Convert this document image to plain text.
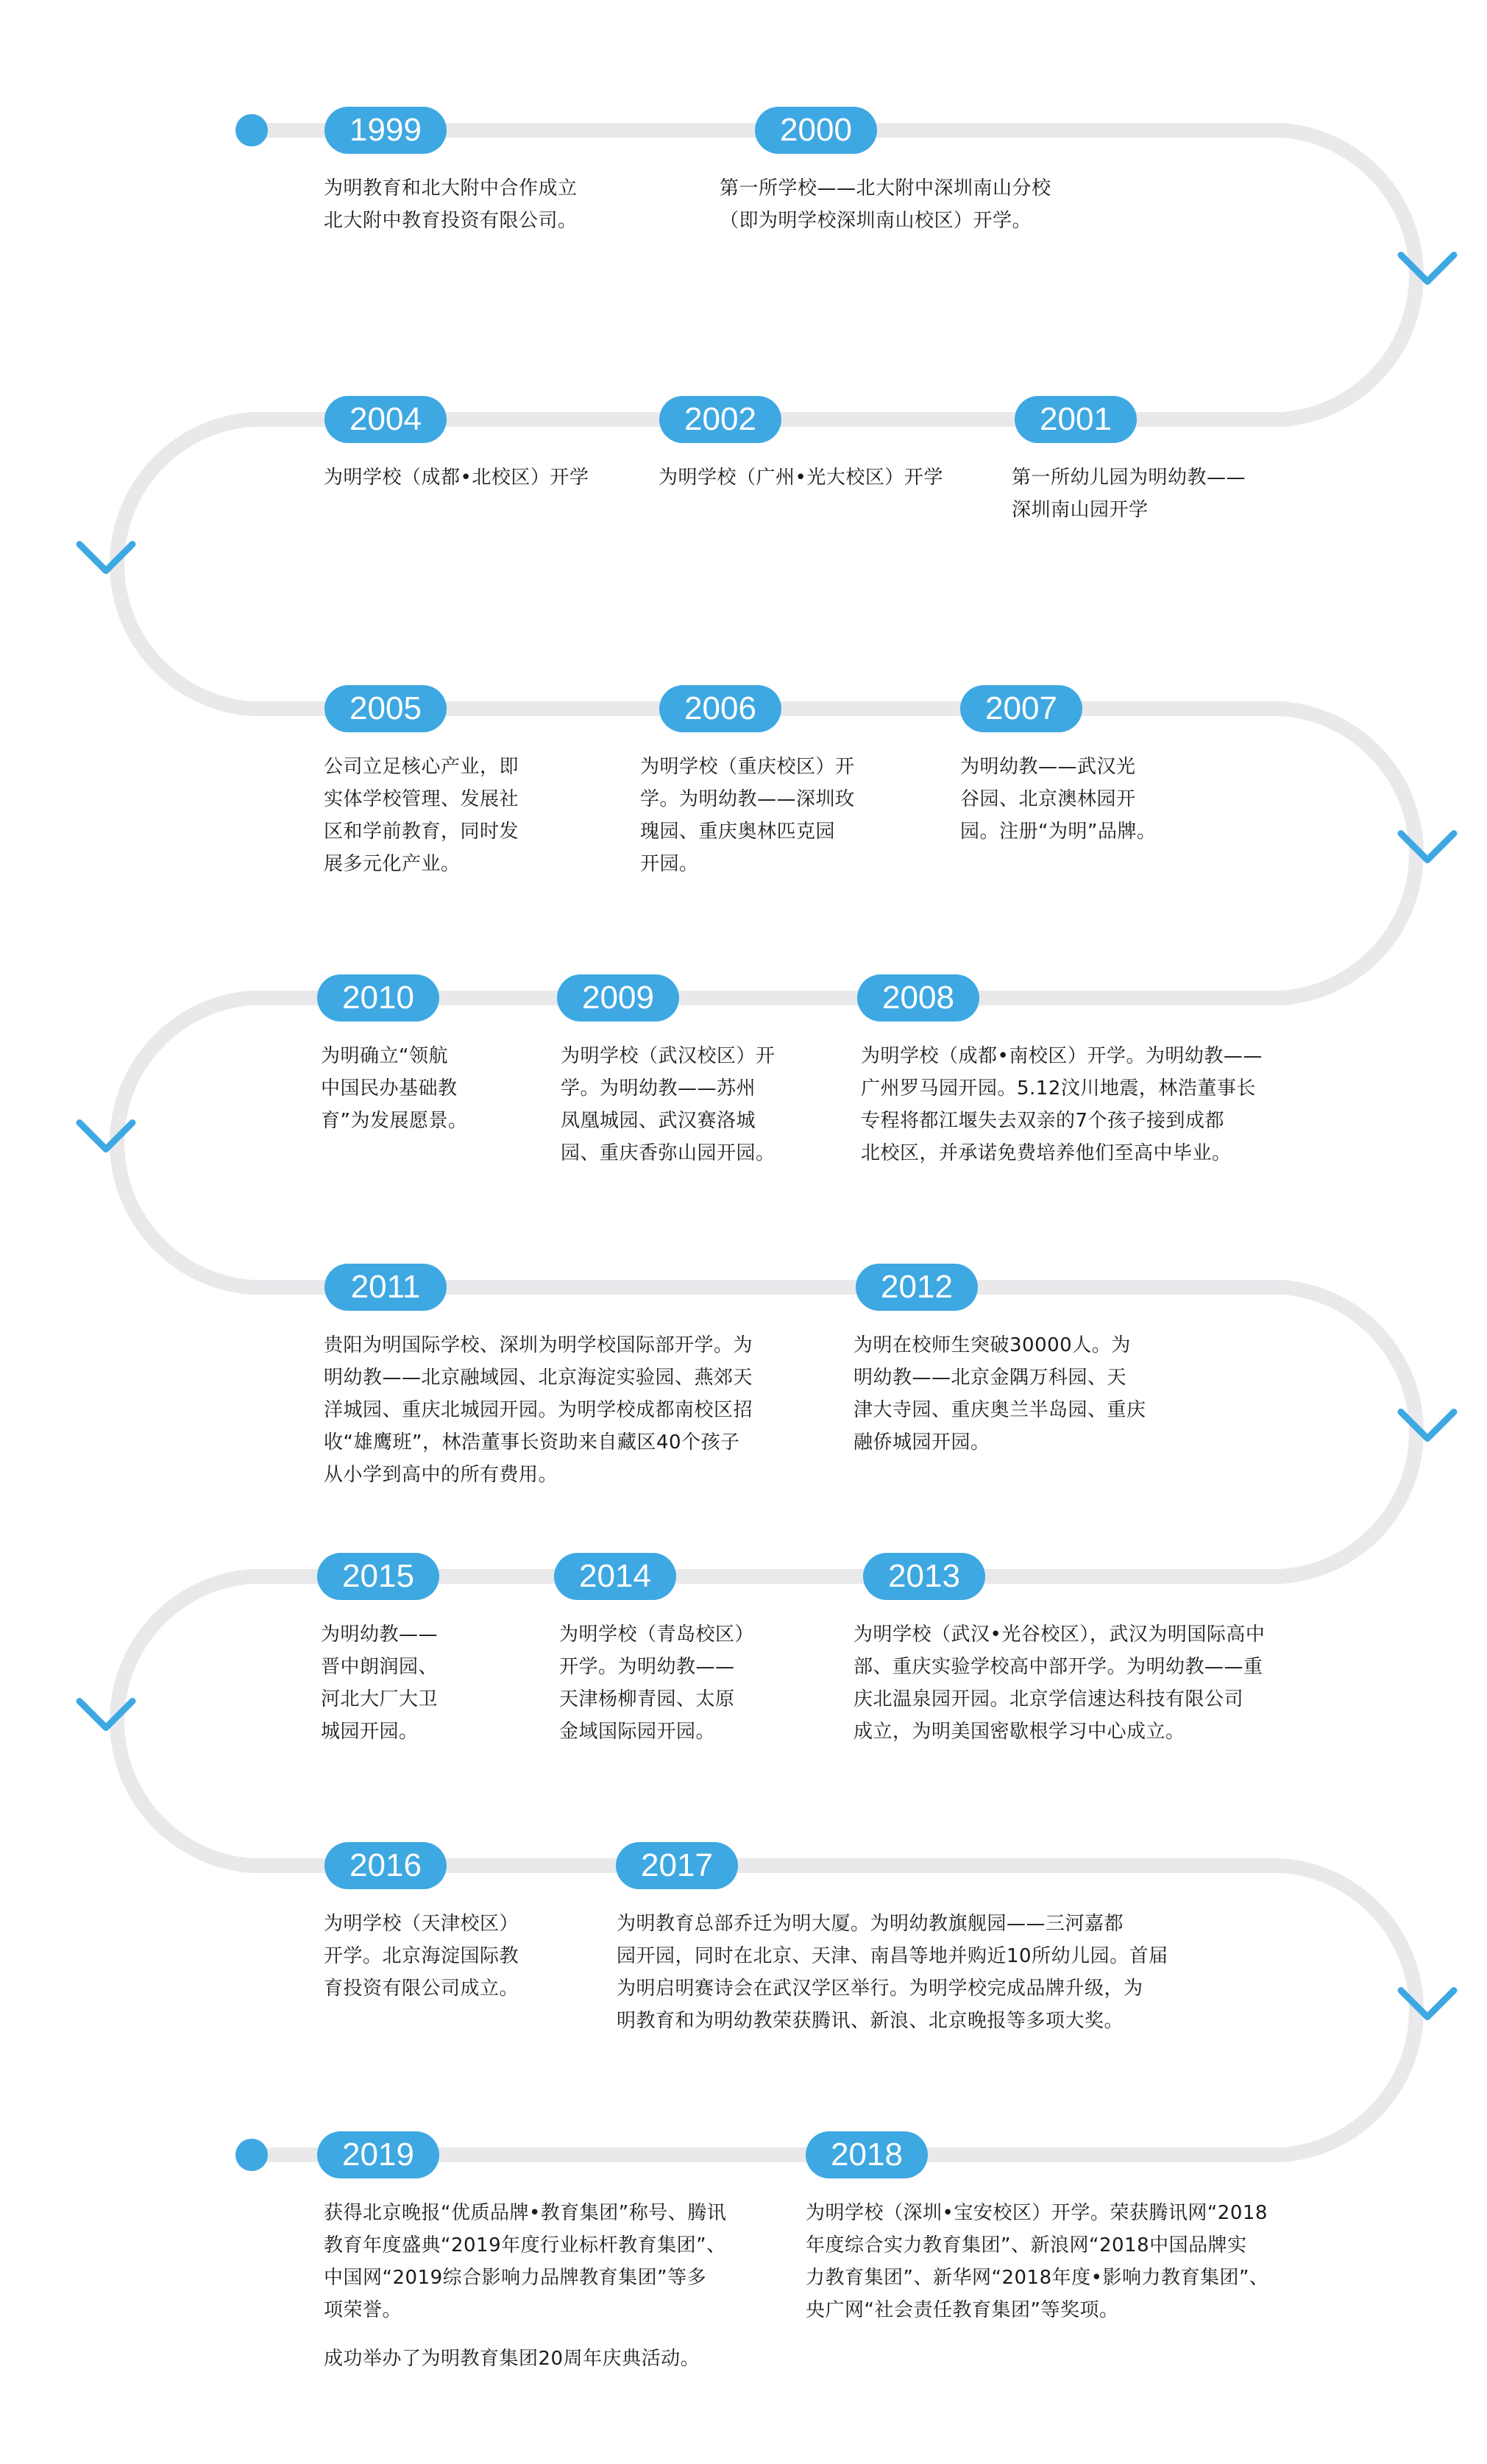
1999

为明教育和北大附中合作成立
北大附中教育投资有限公司。

2000

第一所学校——北大附中深圳南山分校
（即为明学校深圳南山校区）开学。

2001

第一所幼儿园为明幼教——
深圳南山园开学

2002

为明学校（广州•光大校区）开学

2004

为明学校（成都•北校区）开学

2005

公司立足核心产业，即
实体学校管理、发展社
区和学前教育，同时发
展多元化产业。

2006

为明学校（重庆校区）开
学。为明幼教——深圳玫
瑰园、重庆奥林匹克园
开园。

2007

为明幼教——武汉光
谷园、北京澳林园开
园。注册“为明”品牌。

2008

为明学校（成都•南校区）开学。为明幼教——
广州罗马园开园。5.12汶川地震，林浩董事长
专程将都江堰失去双亲的7个孩子接到成都
北校区，并承诺免费培养他们至高中毕业。

2009

为明学校（武汉校区）开
学。为明幼教——苏州
凤凰城园、武汉赛洛城
园、重庆香弥山园开园。

2010

为明确立“领航
中国民办基础教
育”为发展愿景。

2011

贵阳为明国际学校、深圳为明学校国际部开学。为
明幼教——北京融域园、北京海淀实验园、燕郊天
洋城园、重庆北城园开园。为明学校成都南校区招
收“雄鹰班”，林浩董事长资助来自藏区40个孩子
从小学到高中的所有费用。

2012

为明在校师生突破30000人。为
明幼教——北京金隅万科园、天
津大寺园、重庆奥兰半岛园、重庆
融侨城园开园。

2013

为明学校（武汉•光谷校区），武汉为明国际高中
部、重庆实验学校高中部开学。为明幼教——重
庆北温泉园开园。北京学信速达科技有限公司
成立，为明美国密歇根学习中心成立。

2014

为明学校（青岛校区）
开学。为明幼教——
天津杨柳青园、太原
金域国际园开园。

2015

为明幼教——
晋中朗润园、
河北大厂大卫
城园开园。

2016

为明学校（天津校区）
开学。北京海淀国际教
育投资有限公司成立。

2017

为明教育总部乔迁为明大厦。为明幼教旗舰园——三河嘉都
园开园，同时在北京、天津、南昌等地并购近10所幼儿园。首届
为明启明赛诗会在武汉学区举行。为明学校完成品牌升级，为
明教育和为明幼教荣获腾讯、新浪、北京晚报等多项大奖。

2018

为明学校（深圳•宝安校区）开学。荣获腾讯网“2018
年度综合实力教育集团”、新浪网“2018中国品牌实
力教育集团”、新华网“2018年度•影响力教育集团”、
央广网“社会责任教育集团”等奖项。

2019

获得北京晚报“优质品牌•教育集团”称号、腾讯
教育年度盛典“2019年度行业标杆教育集团”、
中国网“2019综合影响力品牌教育集团”等多
项荣誉。

成功举办了为明教育集团20周年庆典活动。
